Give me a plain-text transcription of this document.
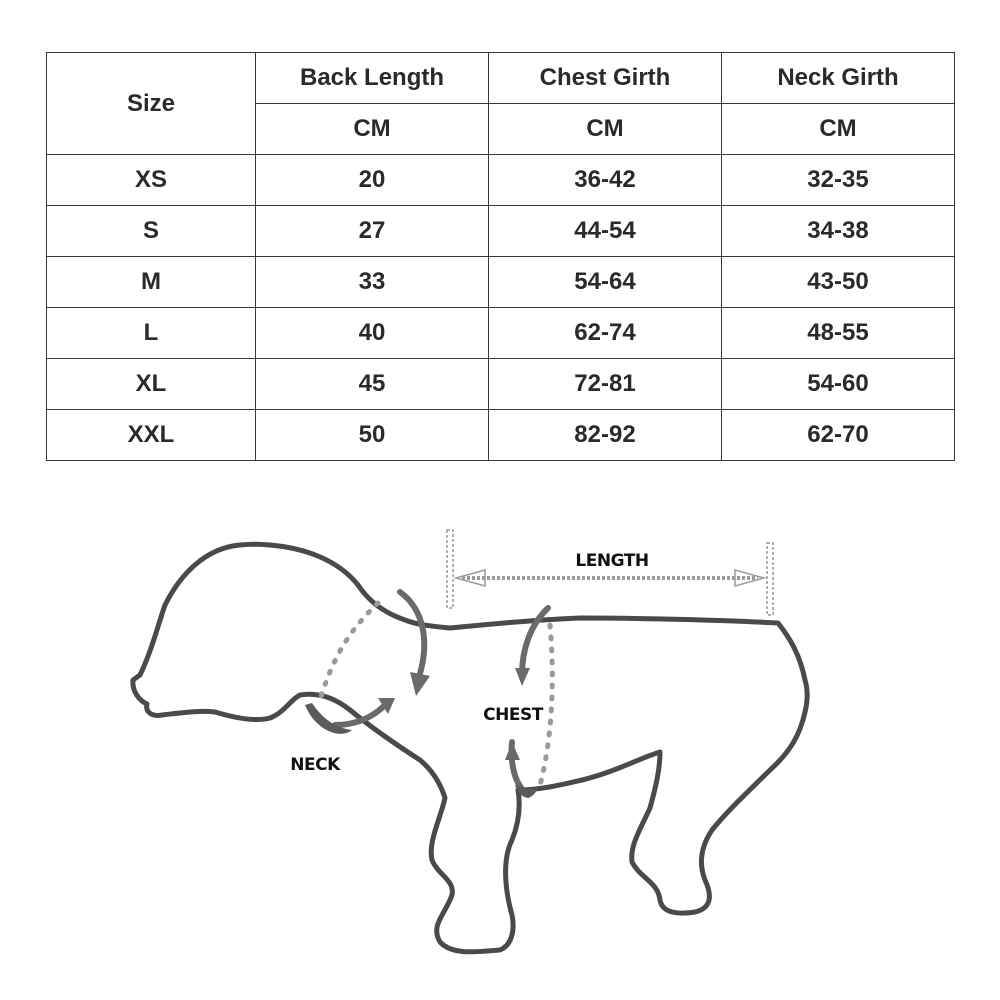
Size	Back Length	Chest Girth	Neck Girth
	CM	CM	CM
XS	20	36-42	32-35
S	27	44-54	34-38
M	33	54-64	43-50
L	40	62-74	48-55
XL	45	72-81	54-60
XXL	50	82-92	62-70
LENGTH
CHEST
NECK
